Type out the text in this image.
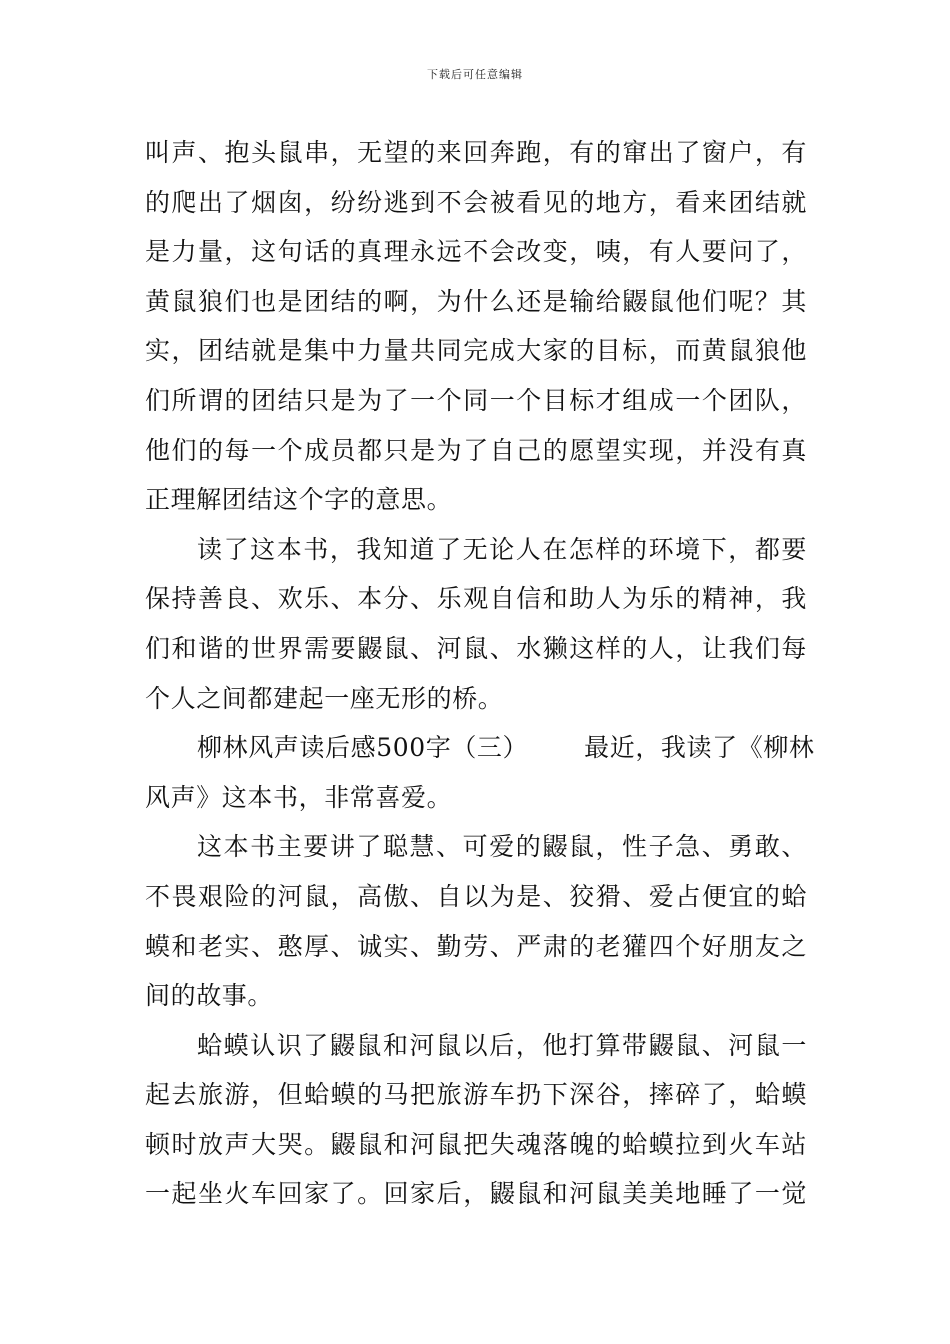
下载后可任意编辑
叫声、抱头鼠串，无望的来回奔跑，有的窜出了窗户，有
的爬出了烟囱，纷纷逃到不会被看见的地方，看来团结就
是力量，这句话的真理永远不会改变，咦，有人要问了，
黄鼠狼们也是团结的啊，为什么还是输给鼹鼠他们呢？其
实，团结就是集中力量共同完成大家的目标，而黄鼠狼他
们所谓的团结只是为了一个同一个目标才组成一个团队，
他们的每一个成员都只是为了自己的愿望实现，并没有真
正理解团结这个字的意思。
读了这本书，我知道了无论人在怎样的环境下，都要
保持善良、欢乐、本分、乐观自信和助人为乐的精神，我
们和谐的世界需要鼹鼠、河鼠、水獭这样的人，让我们每
个人之间都建起一座无形的桥。
柳林风声读后感500字（三） 最近，我读了《柳林
风声》这本书，非常喜爱。
这本书主要讲了聪慧、可爱的鼹鼠，性子急、勇敢、
不畏艰险的河鼠，高傲、自以为是、狡猾、爱占便宜的蛤
蟆和老实、憨厚、诚实、勤劳、严肃的老獾四个好朋友之
间的故事。
蛤蟆认识了鼹鼠和河鼠以后，他打算带鼹鼠、河鼠一
起去旅游，但蛤蟆的马把旅游车扔下深谷，摔碎了，蛤蟆
顿时放声大哭。鼹鼠和河鼠把失魂落魄的蛤蟆拉到火车站
一起坐火车回家了。回家后，鼹鼠和河鼠美美地睡了一觉
